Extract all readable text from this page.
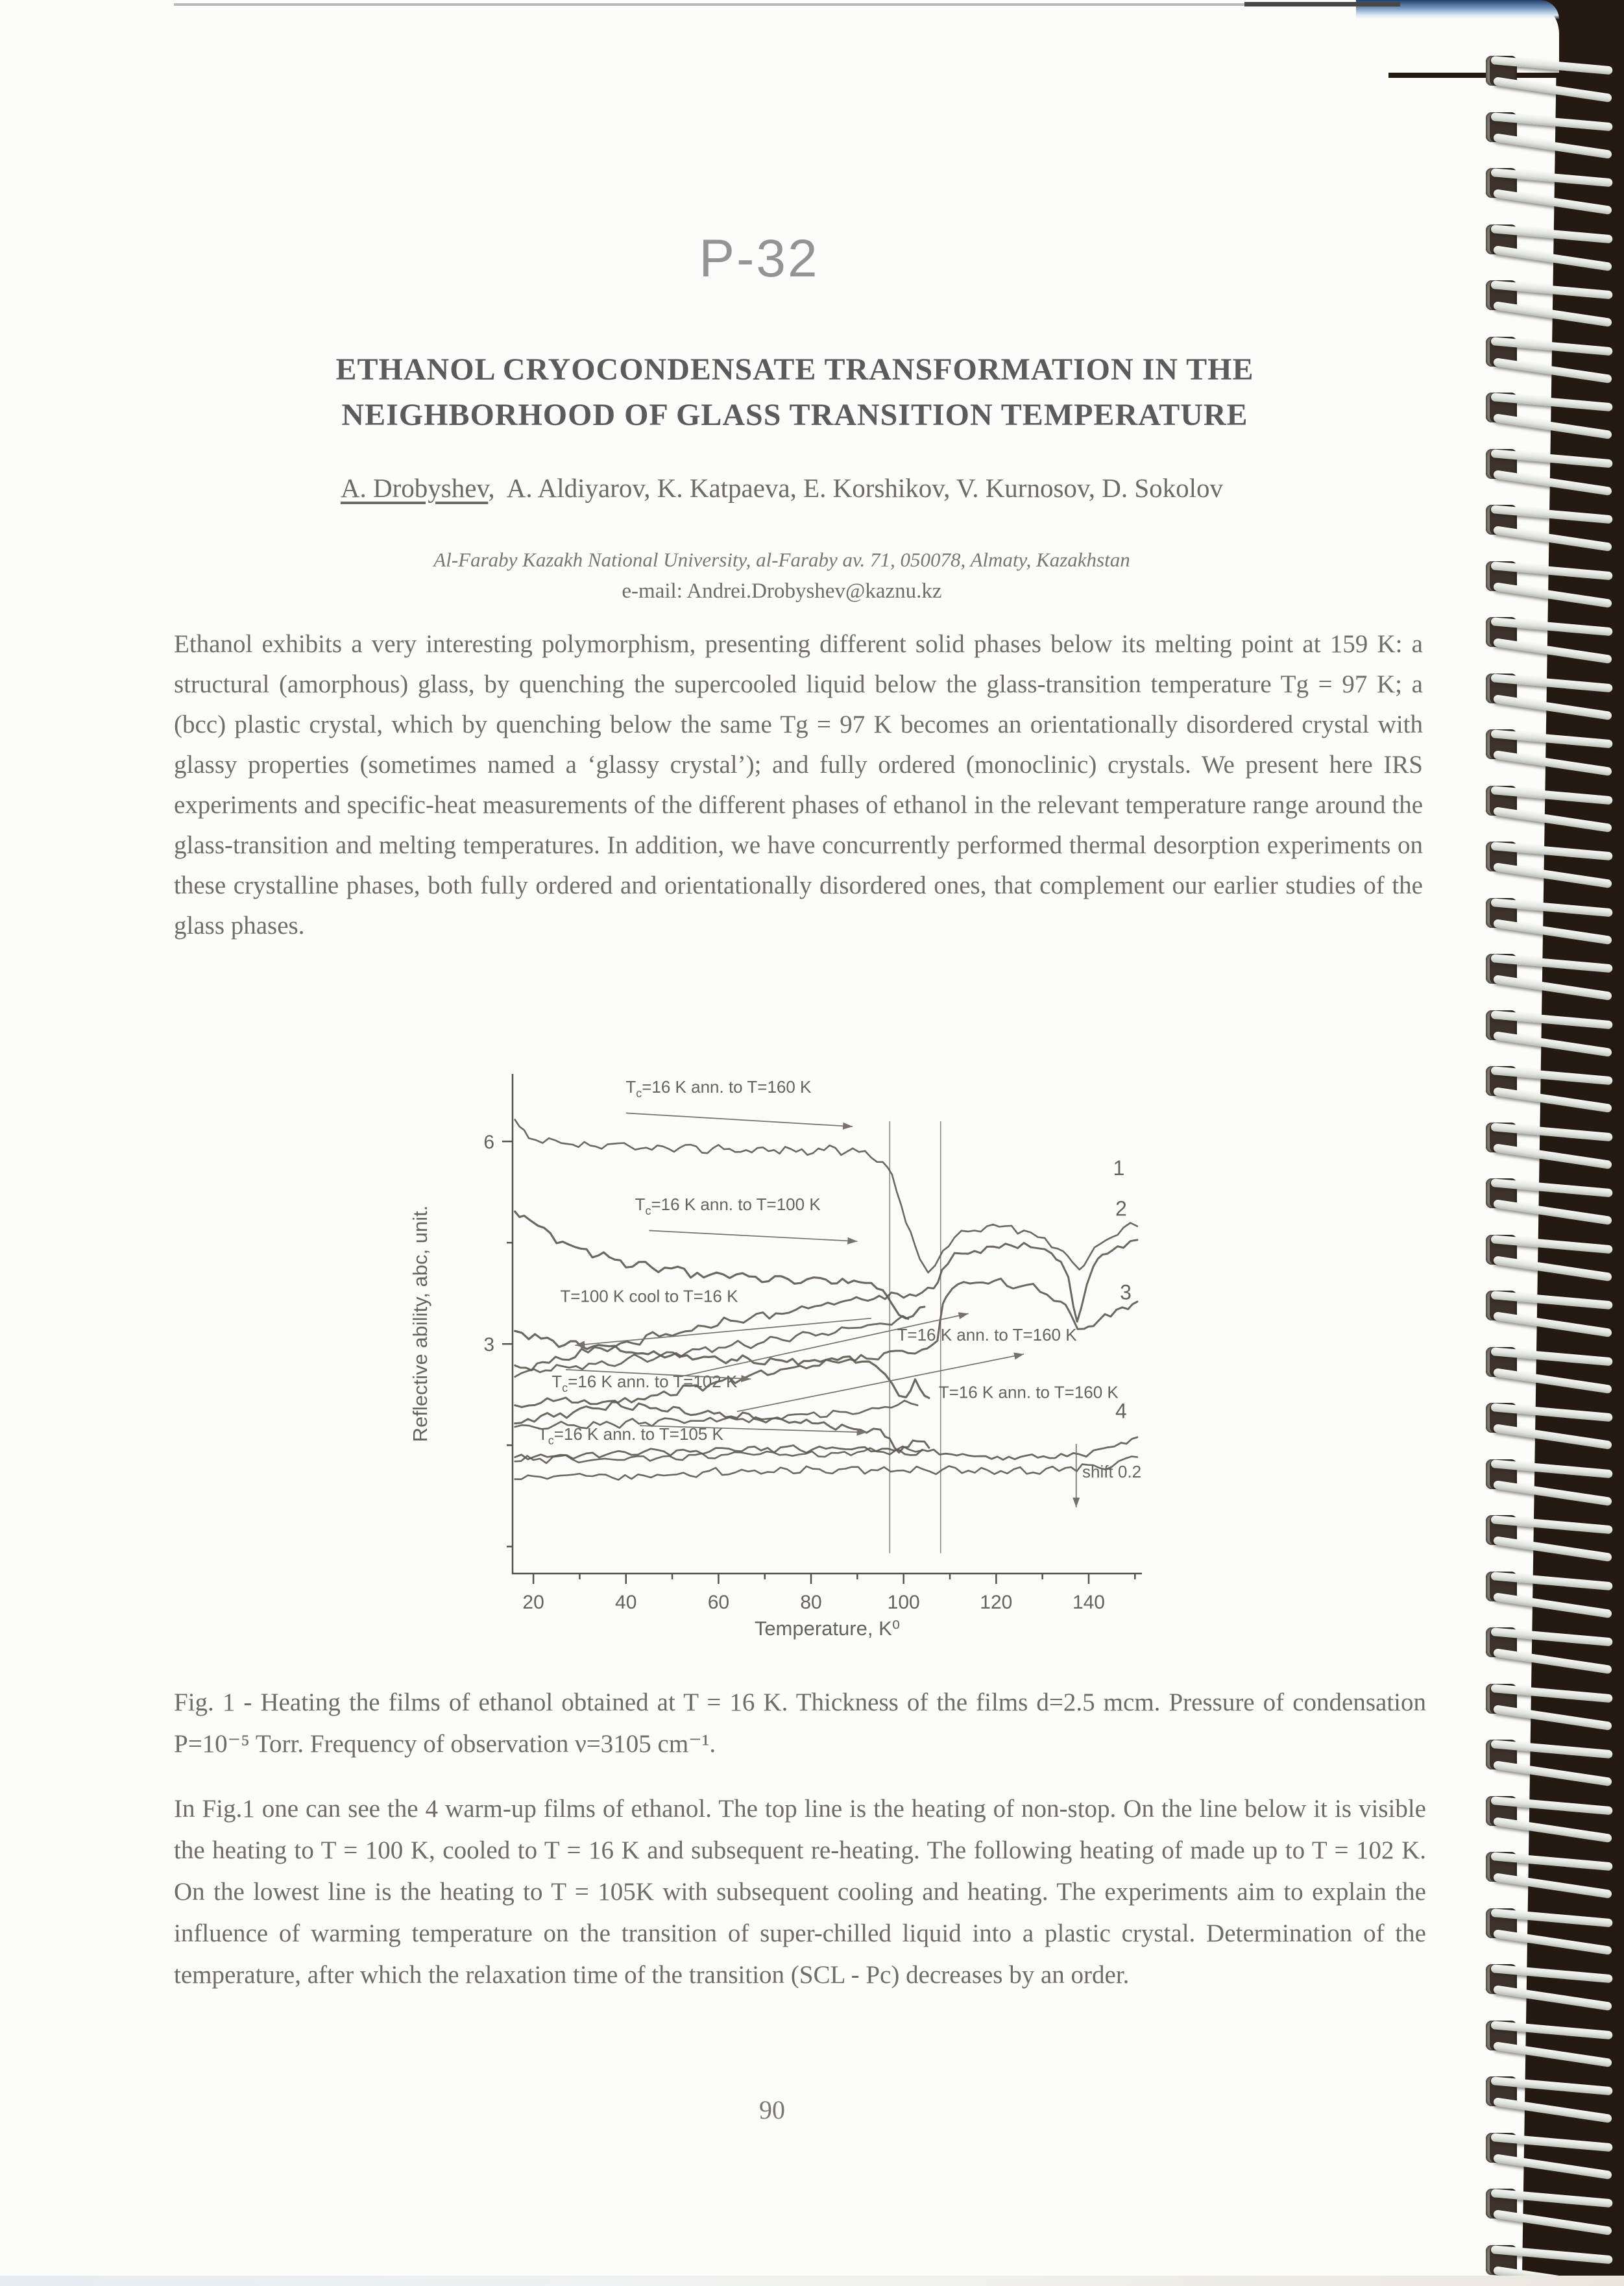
P-32
ETHANOL CRYOCONDENSATE TRANSFORMATION IN THE NEIGHBORHOOD OF GLASS TRANSITION TEMPERATURE
A. Drobyshev,  A. Aldiyarov, K. Katpaeva, E. Korshikov, V. Kurnosov, D. Sokolov
Al-Faraby Kazakh National University, al-Faraby av. 71, 050078, Almaty, Kazakhstan
e-mail: Andrei.Drobyshev@kaznu.kz

Ethanol exhibits a very interesting polymorphism, presenting different solid phases below its melting point at 159 K: a structural (amorphous) glass, by quenching the supercooled liquid below the glass-transition temperature Tg = 97 K; a (bcc) plastic crystal, which by quenching below the same Tg = 97 K becomes an orientationally disordered crystal with glassy properties (sometimes named a ‘glassy crystal’); and fully ordered (monoclinic) crystals. We present here IRS experiments and specific-heat measurements of the different phases of ethanol in the relevant temperature range around the glass-transition and melting temperatures. In addition, we have concurrently performed thermal desorption experiments on these crystalline phases, both fully ordered and orientationally disordered ones, that complement our earlier studies of the glass phases.

20	40	60	80	100	120	140
3
6
Temperature, K⁰
Reflective ability, abc, unit.
1
2
3
4
$T_c=16$ K ann. to T=160 K
$T_c=16$ K ann. to T=100 K
T=100 K cool to T=16 K
T=16 K ann. to T=160 K
$T_c=16$ K ann. to T=102 K
T=16 K ann. to T=160 K
$T_c=16$ K ann. to T=105 K
shift 0.2

Fig. 1 - Heating the films of ethanol obtained at T = 16 K. Thickness of the films d=2.5 mcm. Pressure of condensation P=10⁻⁵ Torr. Frequency of observation ν=3105 cm⁻¹.

In Fig.1 one can see the 4 warm-up films of ethanol. The top line is the heating of non-stop. On the line below it is visible the heating to T = 100 K, cooled to T = 16 K and subsequent re-heating. The following heating of made up to T = 102 K. On the lowest line is the heating to T = 105K with subsequent cooling and heating. The experiments aim to explain the influence of warming temperature on the transition of super-chilled liquid into a plastic crystal. Determination of the temperature, after which the relaxation time of the transition (SCL - Pc) decreases by an order.

90
